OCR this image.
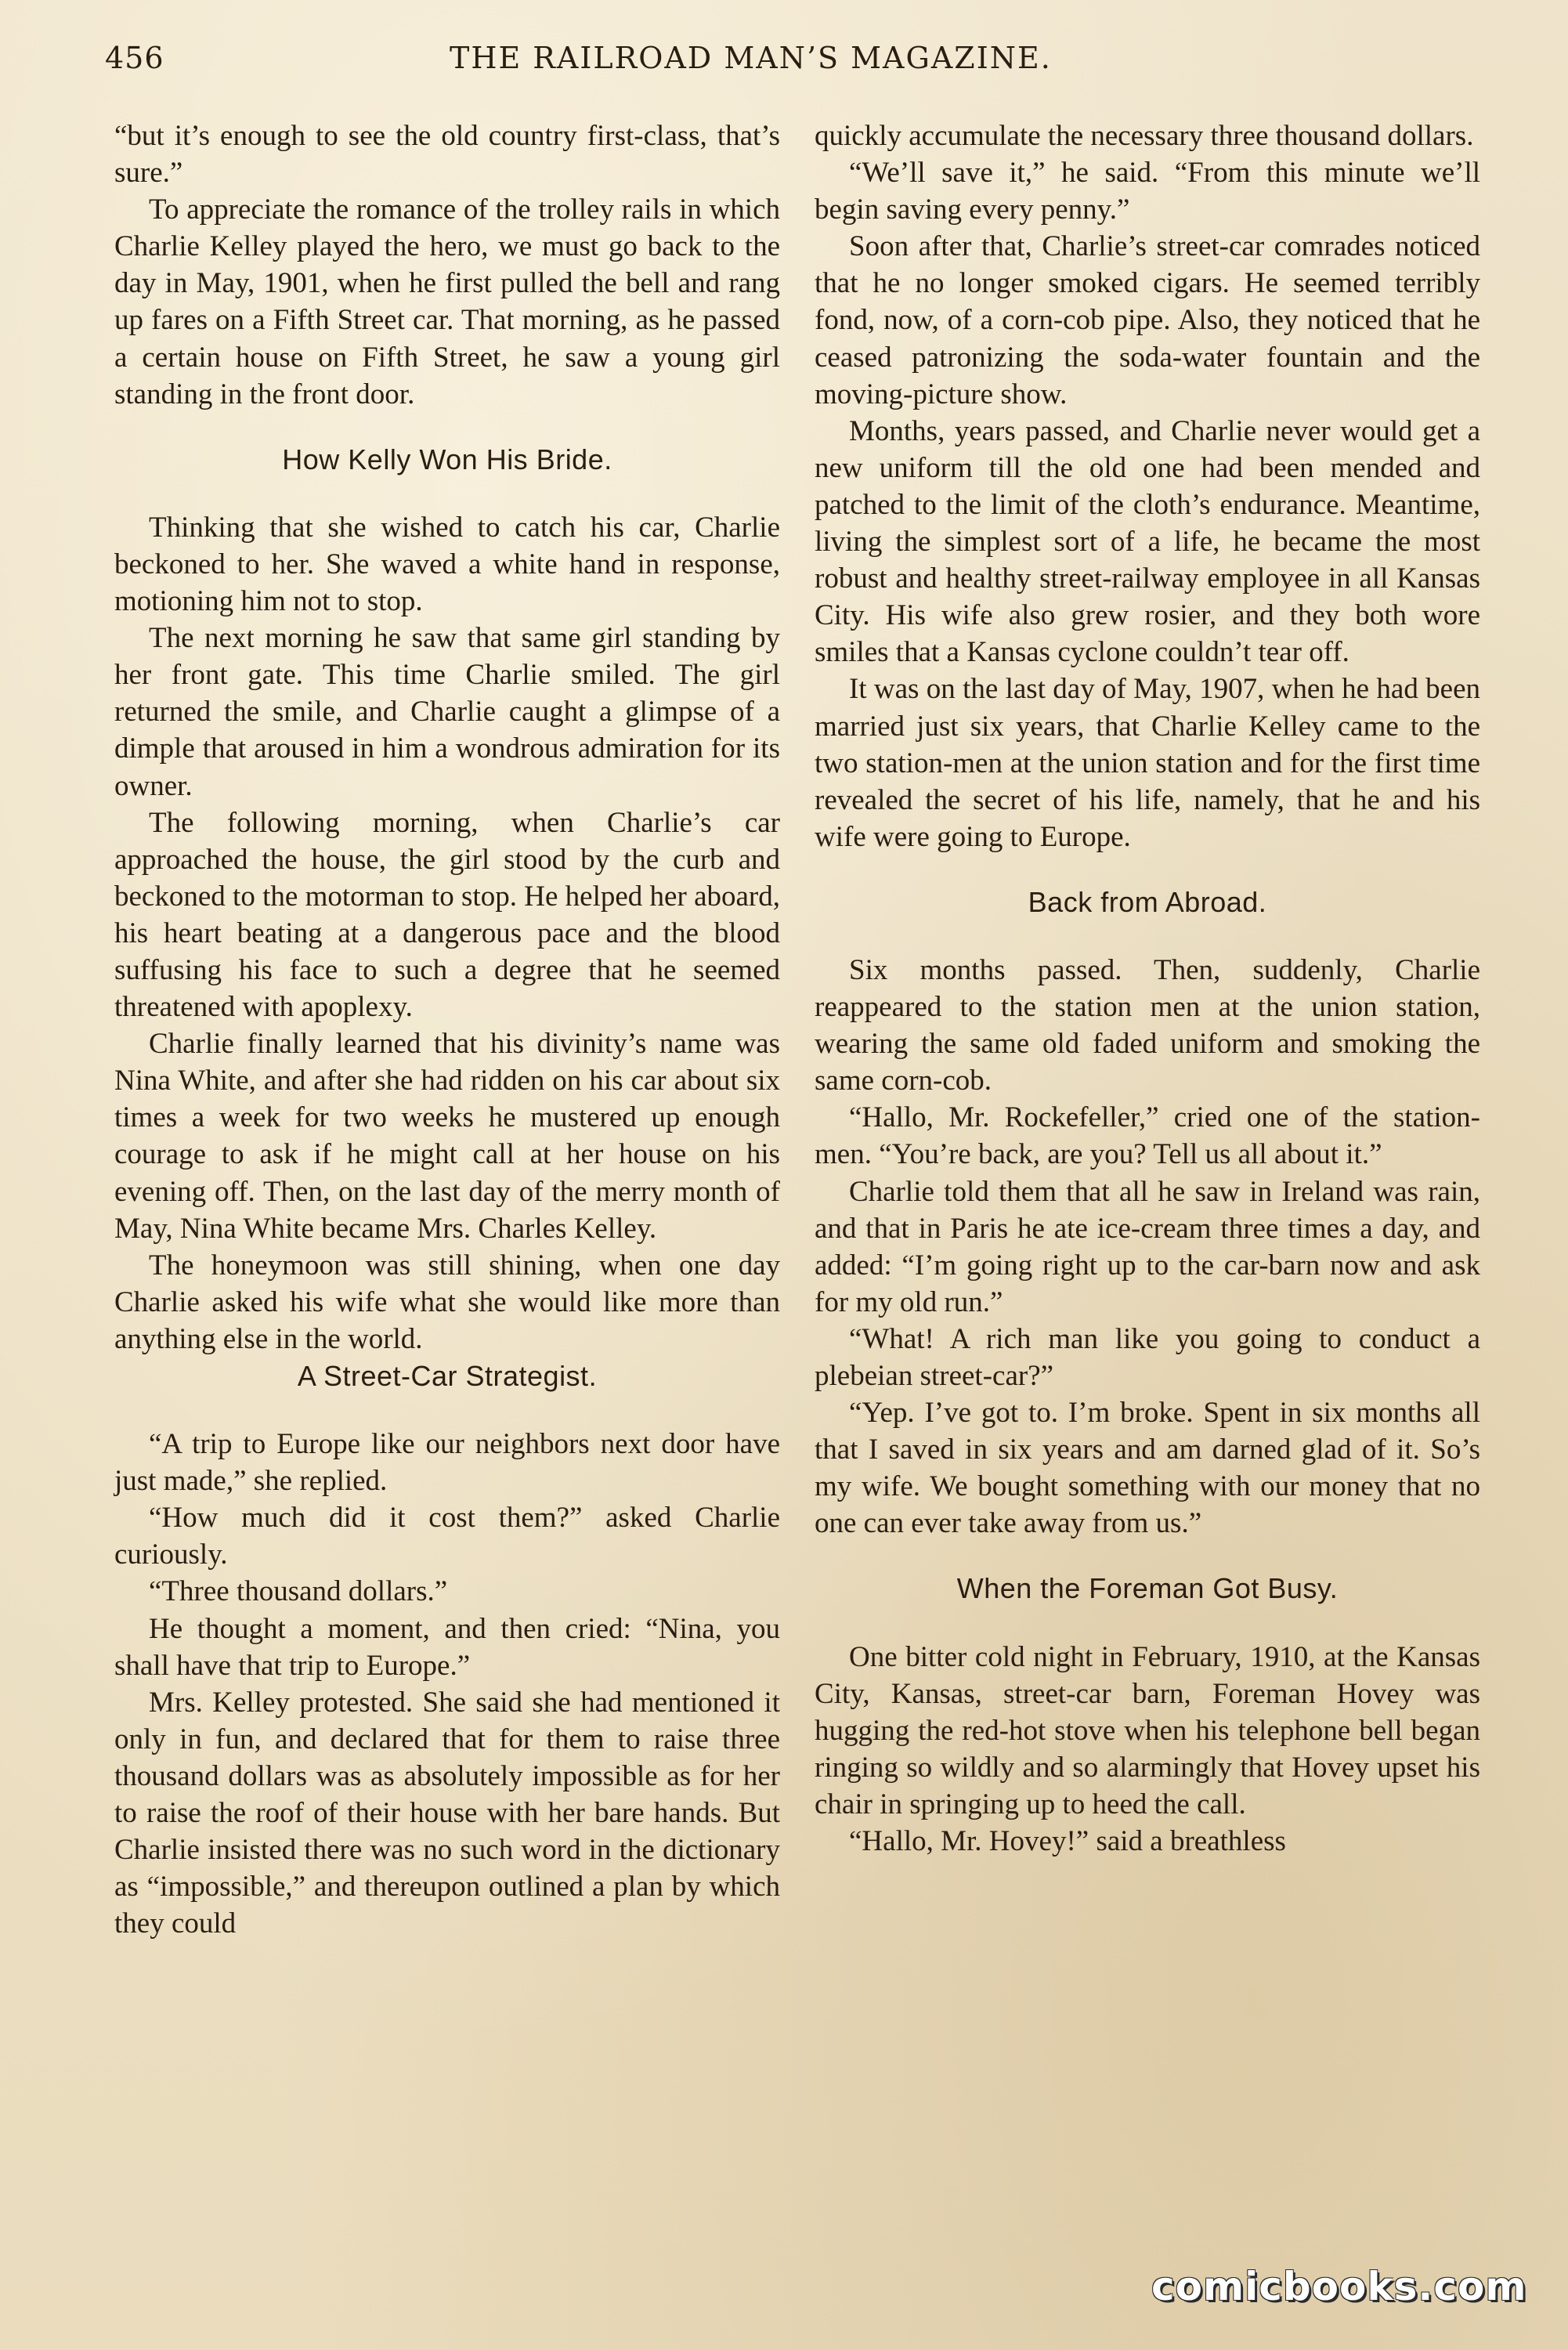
456	THE RAILROAD MAN’S MAGAZINE.

“but it’s enough to see the old country first-class, that’s sure.”

To appreciate the romance of the trolley rails in which Charlie Kelley played the hero, we must go back to the day in May, 1901, when he first pulled the bell and rang up fares on a Fifth Street car. That morning, as he passed a certain house on Fifth Street, he saw a young girl standing in the front door.

How Kelly Won His Bride.

Thinking that she wished to catch his car, Charlie beckoned to her. She waved a white hand in response, motioning him not to stop.

The next morning he saw that same girl standing by her front gate. This time Charlie smiled. The girl returned the smile, and Charlie caught a glimpse of a dimple that aroused in him a wondrous admiration for its owner.

The following morning, when Charlie’s car approached the house, the girl stood by the curb and beckoned to the motorman to stop. He helped her aboard, his heart beating at a dangerous pace and the blood suffusing his face to such a degree that he seemed threatened with apoplexy.

Charlie finally learned that his divinity’s name was Nina White, and after she had ridden on his car about six times a week for two weeks he mustered up enough courage to ask if he might call at her house on his evening off. Then, on the last day of the merry month of May, Nina White became Mrs. Charles Kelley.

The honeymoon was still shining, when one day Charlie asked his wife what she would like more than anything else in the world.

A Street-Car Strategist.

“A trip to Europe like our neighbors next door have just made,” she replied.

“How much did it cost them?” asked Charlie curiously.

“Three thousand dollars.”

He thought a moment, and then cried: “Nina, you shall have that trip to Europe.”

Mrs. Kelley protested. She said she had mentioned it only in fun, and declared that for them to raise three thousand dollars was as absolutely impossible as for her to raise the roof of their house with her bare hands. But Charlie insisted there was no such word in the dictionary as “impossible,” and thereupon outlined a plan by which they could

quickly accumulate the necessary three thousand dollars.

“We’ll save it,” he said. “From this minute we’ll begin saving every penny.”

Soon after that, Charlie’s street-car comrades noticed that he no longer smoked cigars. He seemed terribly fond, now, of a corn-cob pipe. Also, they noticed that he ceased patronizing the soda-water fountain and the moving-picture show.

Months, years passed, and Charlie never would get a new uniform till the old one had been mended and patched to the limit of the cloth’s endurance. Meantime, living the simplest sort of a life, he became the most robust and healthy street-railway employee in all Kansas City. His wife also grew rosier, and they both wore smiles that a Kansas cyclone couldn’t tear off.

It was on the last day of May, 1907, when he had been married just six years, that Charlie Kelley came to the two station-men at the union station and for the first time revealed the secret of his life, namely, that he and his wife were going to Europe.

Back from Abroad.

Six months passed. Then, suddenly, Charlie reappeared to the station men at the union station, wearing the same old faded uniform and smoking the same corn-cob.

“Hallo, Mr. Rockefeller,” cried one of the station-men. “You’re back, are you? Tell us all about it.”

Charlie told them that all he saw in Ireland was rain, and that in Paris he ate ice-cream three times a day, and added: “I’m going right up to the car-barn now and ask for my old run.”

“What! A rich man like you going to conduct a plebeian street-car?”

“Yep. I’ve got to. I’m broke. Spent in six months all that I saved in six years and am darned glad of it. So’s my wife. We bought something with our money that no one can ever take away from us.”

When the Foreman Got Busy.

One bitter cold night in February, 1910, at the Kansas City, Kansas, street-car barn, Foreman Hovey was hugging the red-hot stove when his telephone bell began ringing so wildly and so alarmingly that Hovey upset his chair in springing up to heed the call.

“Hallo, Mr. Hovey!” said a breathless

comicbooks.com
